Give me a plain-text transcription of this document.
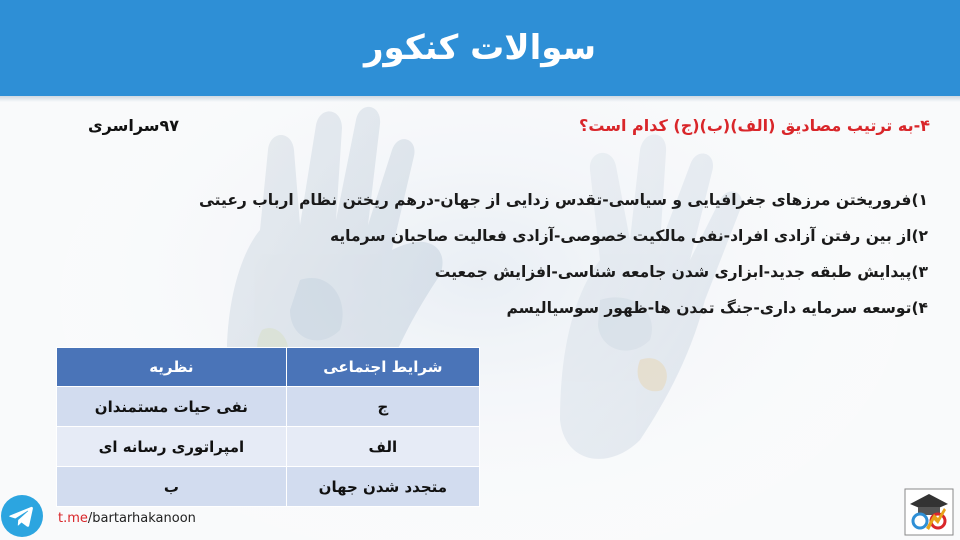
سوالات کنکور
۴-به ترتیب مصادیق (الف)(ب)(ج) کدام است؟
۹۷سراسری
۱)فروریختن مرزهای جغرافیایی و سیاسی-تقدس زدایی از جهان-درهم ریختن نظام ارباب رعیتی
۲)از بین رفتن آزادی افراد-نفی مالکیت خصوصی-آزادی فعالیت صاحبان سرمایه
۳)پیدایش طبقه جدید-ابزاری شدن جامعه شناسی-افزایش جمعیت
۴)توسعه سرمایه داری-جنگ تمدن ها-ظهور سوسیالیسم
شرایط اجتماعی	نظریه
ج	نفی حیات مستمندان
الف	امپراتوری رسانه ای
متجدد شدن جهان	ب
t.me/bartarhakanoon
